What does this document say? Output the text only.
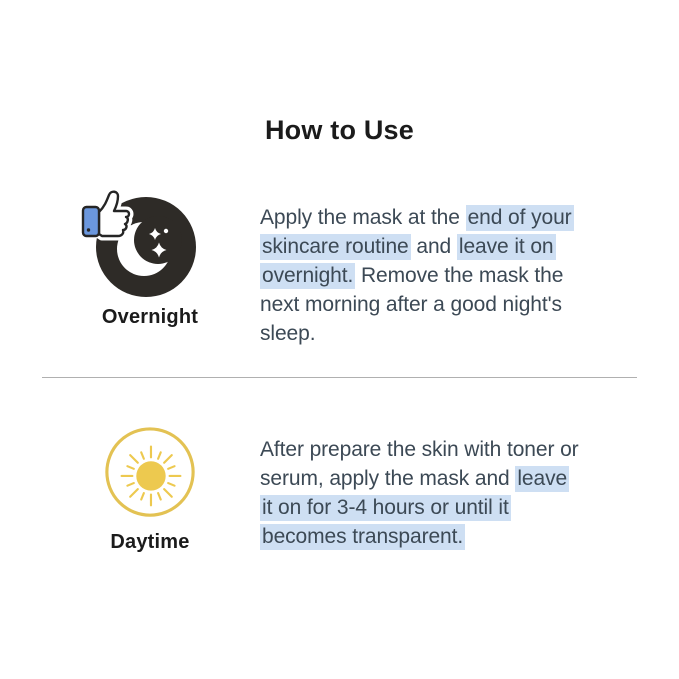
How to Use
Overnight

Apply the mask at the end of your skincare routine and leave it on overnight. Remove the mask the next morning after a good night's sleep.

Daytime

After prepare the skin with toner or serum, apply the mask and leave it on for 3-4 hours or until it becomes transparent.
